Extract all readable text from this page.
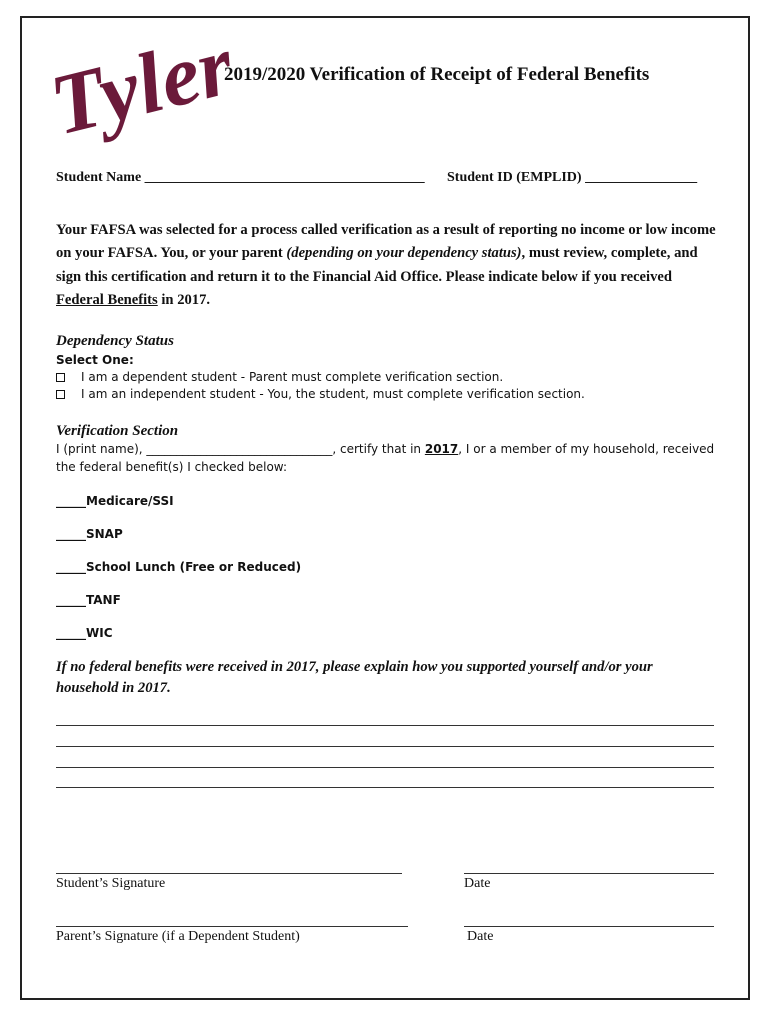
Tyler
2019/2020 Verification of Receipt of Federal Benefits
Student Name ________________________________________ Student ID (EMPLID) ________________
Your FAFSA was selected for a process called verification as a result of reporting no income or low income on your FAFSA. You, or your parent (depending on your dependency status), must review, complete, and sign this certification and return it to the Financial Aid Office. Please indicate below if you received Federal Benefits in 2017.
Dependency Status
Select One:
I am a dependent student - Parent must complete verification section.
I am an independent student - You, the student, must complete verification section.
Verification Section
I (print name), _______________________________, certify that in 2017, I or a member of my household, received the federal benefit(s) I checked below:
_____Medicare/SSI
_____SNAP
_____School Lunch (Free or Reduced)
_____TANF
_____WIC
If no federal benefits were received in 2017, please explain how you supported yourself and/or your household in 2017.
Student’s Signature	Date
Parent’s Signature (if a Dependent Student)	Date
